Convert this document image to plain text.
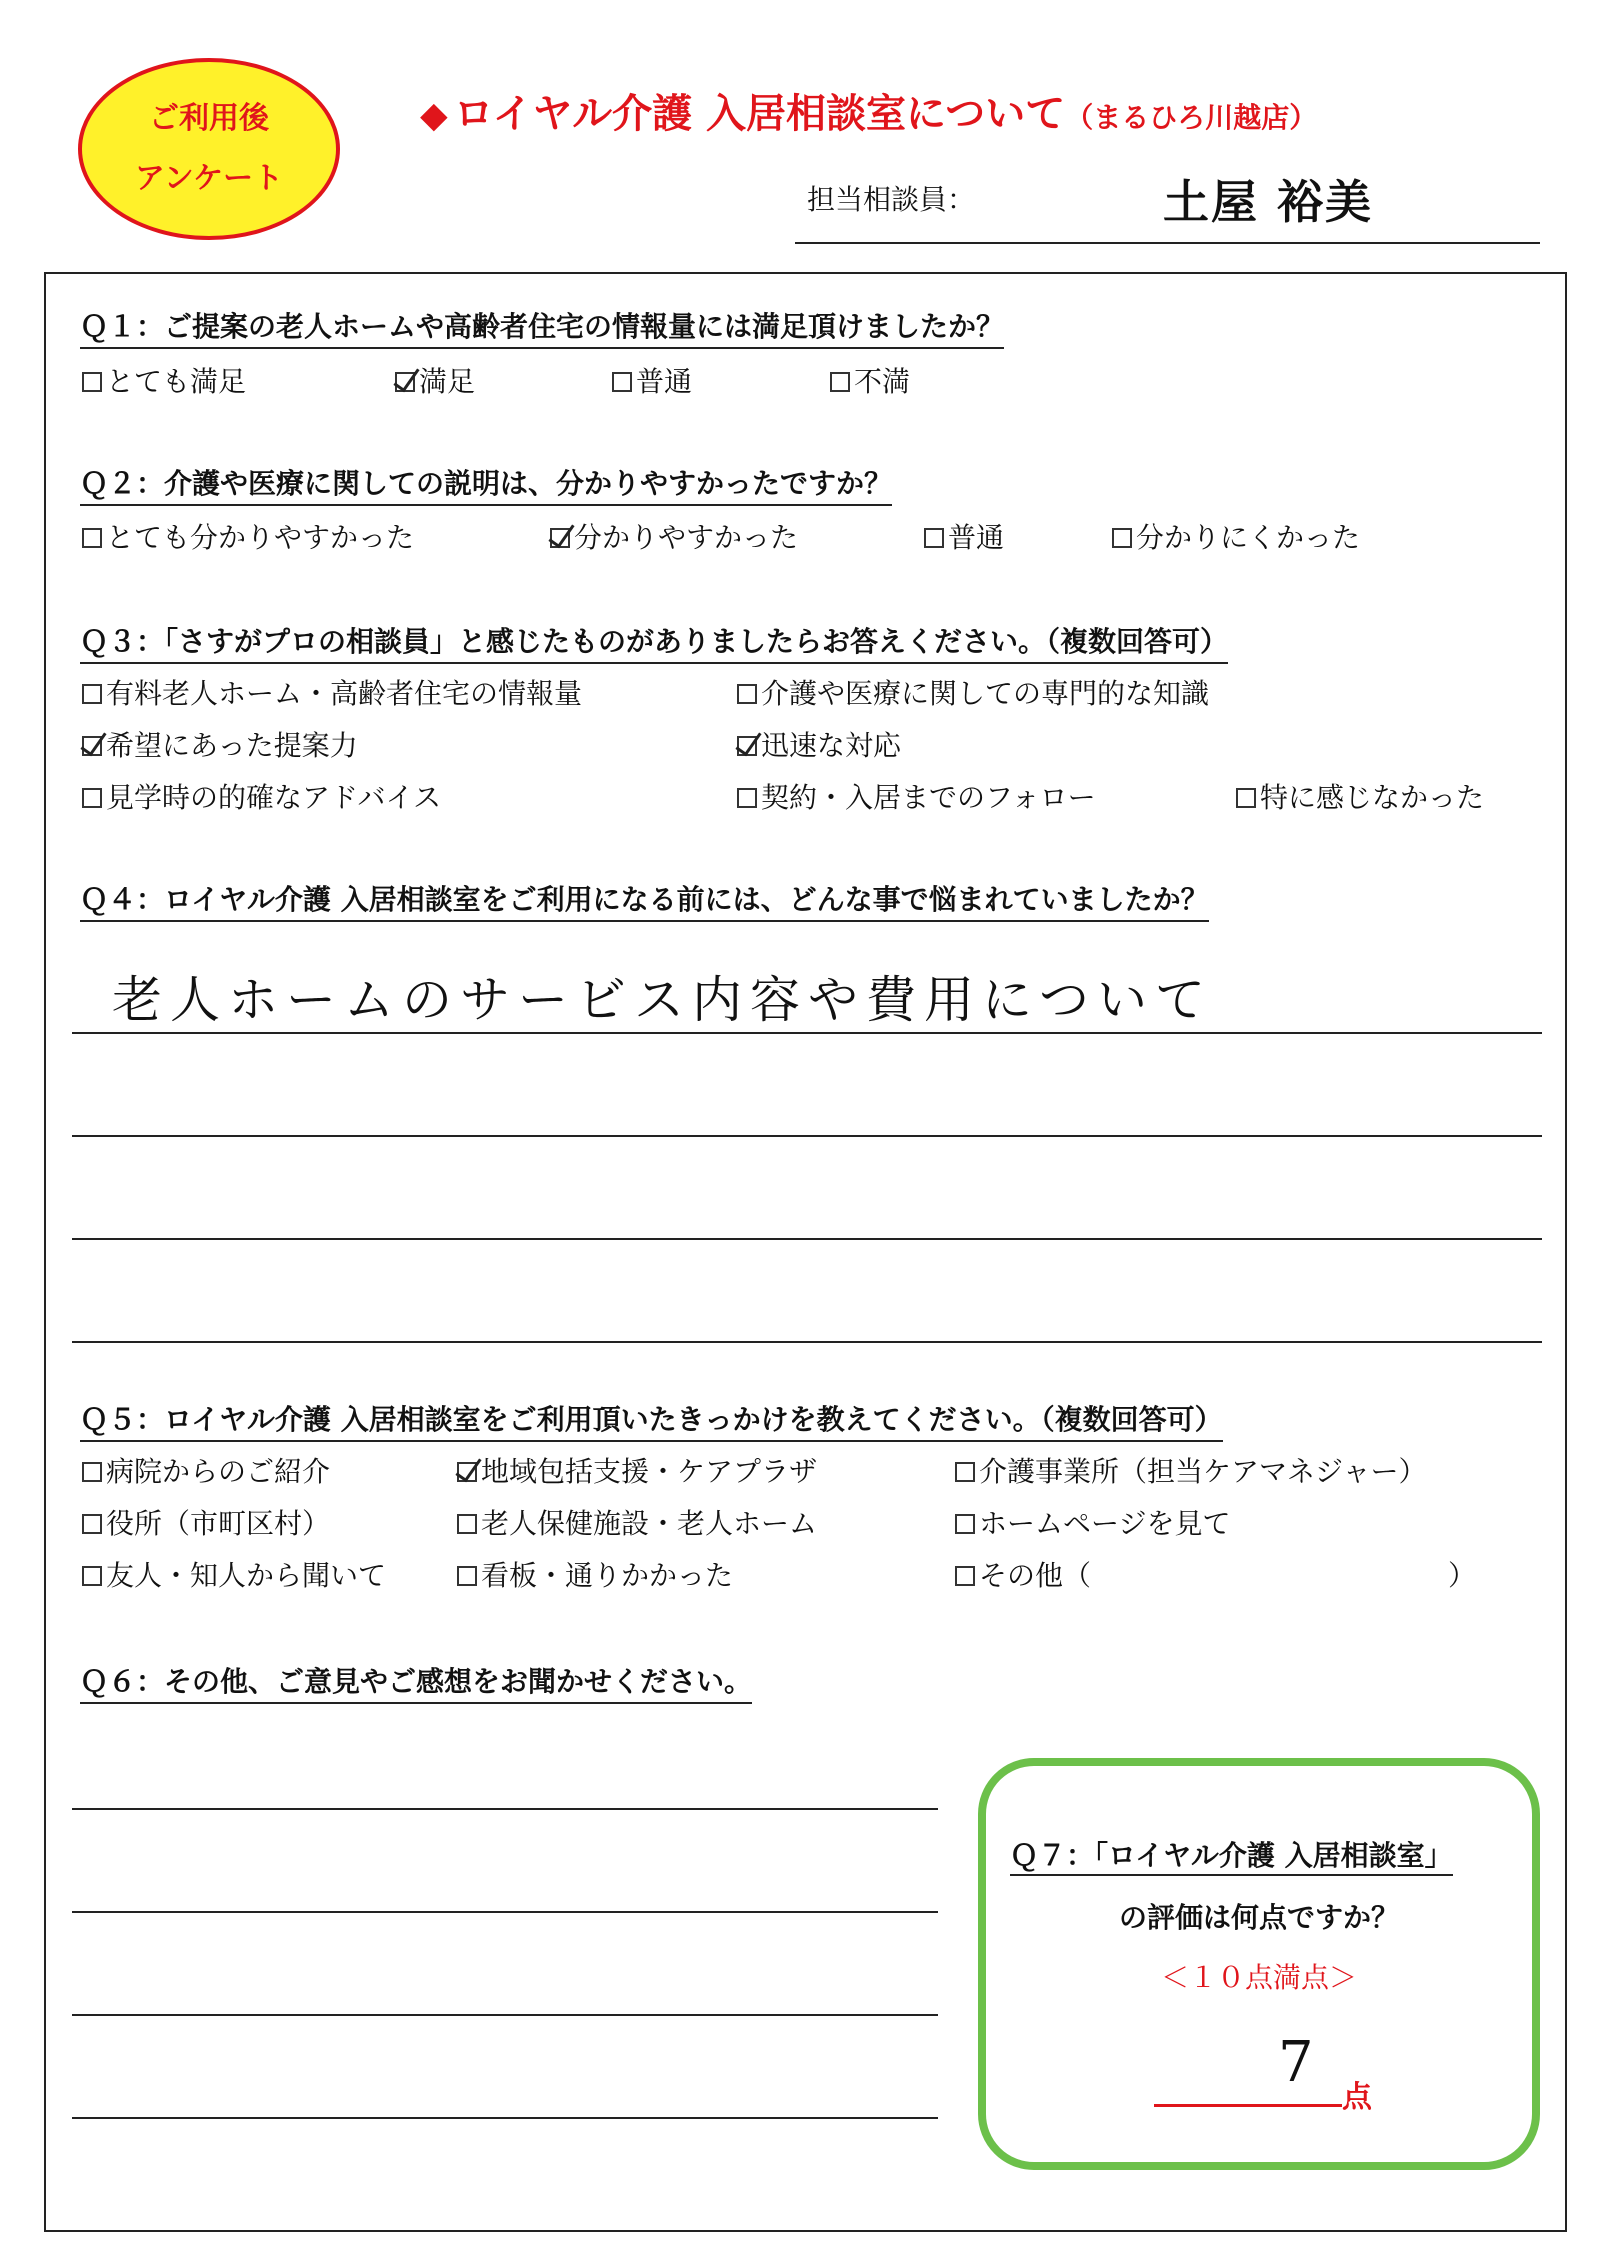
ご利用後
アンケート
◆ ロイヤル介護 入居相談室について（まるひろ川越店）
担当相談員：	土屋 裕美
Ｑ１：ご提案の老人ホームや高齢者住宅の情報量には満足頂けましたか？
とても満足	満足	普通	不満
Ｑ２：介護や医療に関しての説明は、分かりやすかったですか？
とても分かりやすかった	分かりやすかった	普通	分かりにくかった
Ｑ３：「さすがプロの相談員」と感じたものがありましたらお答えください。（複数回答可）
有料老人ホーム・高齢者住宅の情報量	介護や医療に関しての専門的な知識
希望にあった提案力	迅速な対応
見学時の的確なアドバイス	契約・入居までのフォロー	特に感じなかった
Ｑ４：ロイヤル介護 入居相談室をご利用になる前には、どんな事で悩まれていましたか？
老人ホームのサービス内容や費用について
Ｑ５：ロイヤル介護 入居相談室をご利用頂いたきっかけを教えてください。（複数回答可）
病院からのご紹介	地域包括支援・ケアプラザ	介護事業所（担当ケアマネジャー）
役所（市町区村）	老人保健施設・老人ホーム	ホームページを見て
友人・知人から聞いて	看板・通りかかった	その他（	）
Ｑ６：その他、ご意見やご感想をお聞かせください。
Ｑ７：「ロイヤル介護 入居相談室」
の評価は何点ですか？
＜１０点満点＞
7
点
